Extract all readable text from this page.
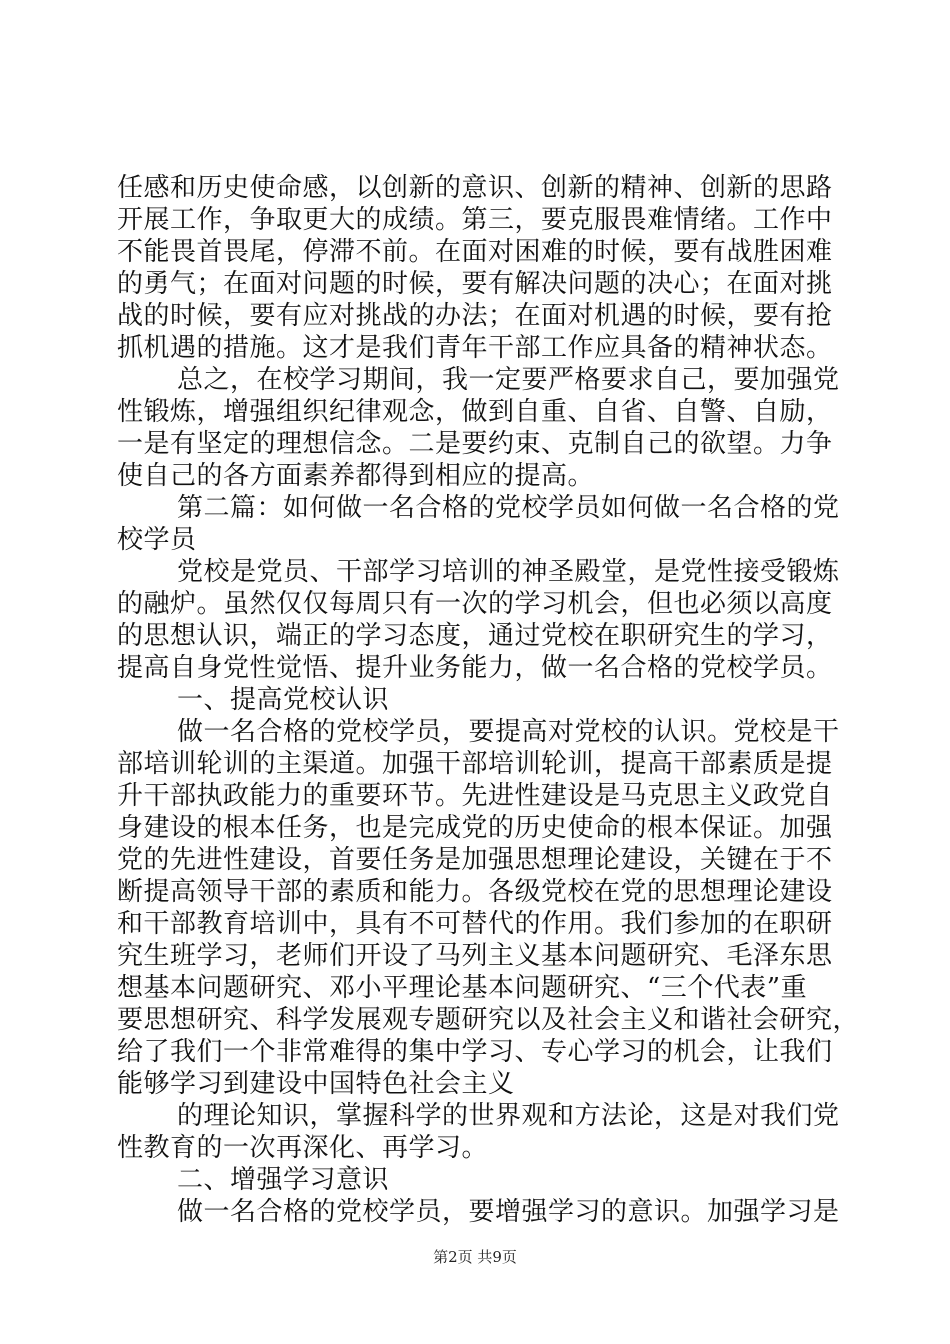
任感和历史使命感，以创新的意识、创新的精神、创新的思路
开展工作，争取更大的成绩。第三，要克服畏难情绪。工作中
不能畏首畏尾，停滞不前。在面对困难的时候，要有战胜困难
的勇气；在面对问题的时候，要有解决问题的决心；在面对挑
战的时候，要有应对挑战的办法；在面对机遇的时候，要有抢
抓机遇的措施。这才是我们青年干部工作应具备的精神状态。
总之，在校学习期间，我一定要严格要求自己，要加强党
性锻炼，增强组织纪律观念，做到自重、自省、自警、自励，
一是有坚定的理想信念。二是要约束、克制自己的欲望。力争
使自己的各方面素养都得到相应的提高。
第二篇：如何做一名合格的党校学员如何做一名合格的党
校学员
党校是党员、干部学习培训的神圣殿堂，是党性接受锻炼
的融炉。虽然仅仅每周只有一次的学习机会，但也必须以高度
的思想认识，端正的学习态度，通过党校在职研究生的学习，
提高自身党性觉悟、提升业务能力，做一名合格的党校学员。
一、提高党校认识
做一名合格的党校学员，要提高对党校的认识。党校是干
部培训轮训的主渠道。加强干部培训轮训，提高干部素质是提
升干部执政能力的重要环节。先进性建设是马克思主义政党自
身建设的根本任务，也是完成党的历史使命的根本保证。加强
党的先进性建设，首要任务是加强思想理论建设，关键在于不
断提高领导干部的素质和能力。各级党校在党的思想理论建设
和干部教育培训中，具有不可替代的作用。我们参加的在职研
究生班学习，老师们开设了马列主义基本问题研究、毛泽东思
想基本问题研究、邓小平理论基本问题研究、“三个代表”重
要思想研究、科学发展观专题研究以及社会主义和谐社会研究，
给了我们一个非常难得的集中学习、专心学习的机会，让我们
能够学习到建设中国特色社会主义
的理论知识，掌握科学的世界观和方法论，这是对我们党
性教育的一次再深化、再学习。
二、增强学习意识
做一名合格的党校学员，要增强学习的意识。加强学习是
第2页 共9页
